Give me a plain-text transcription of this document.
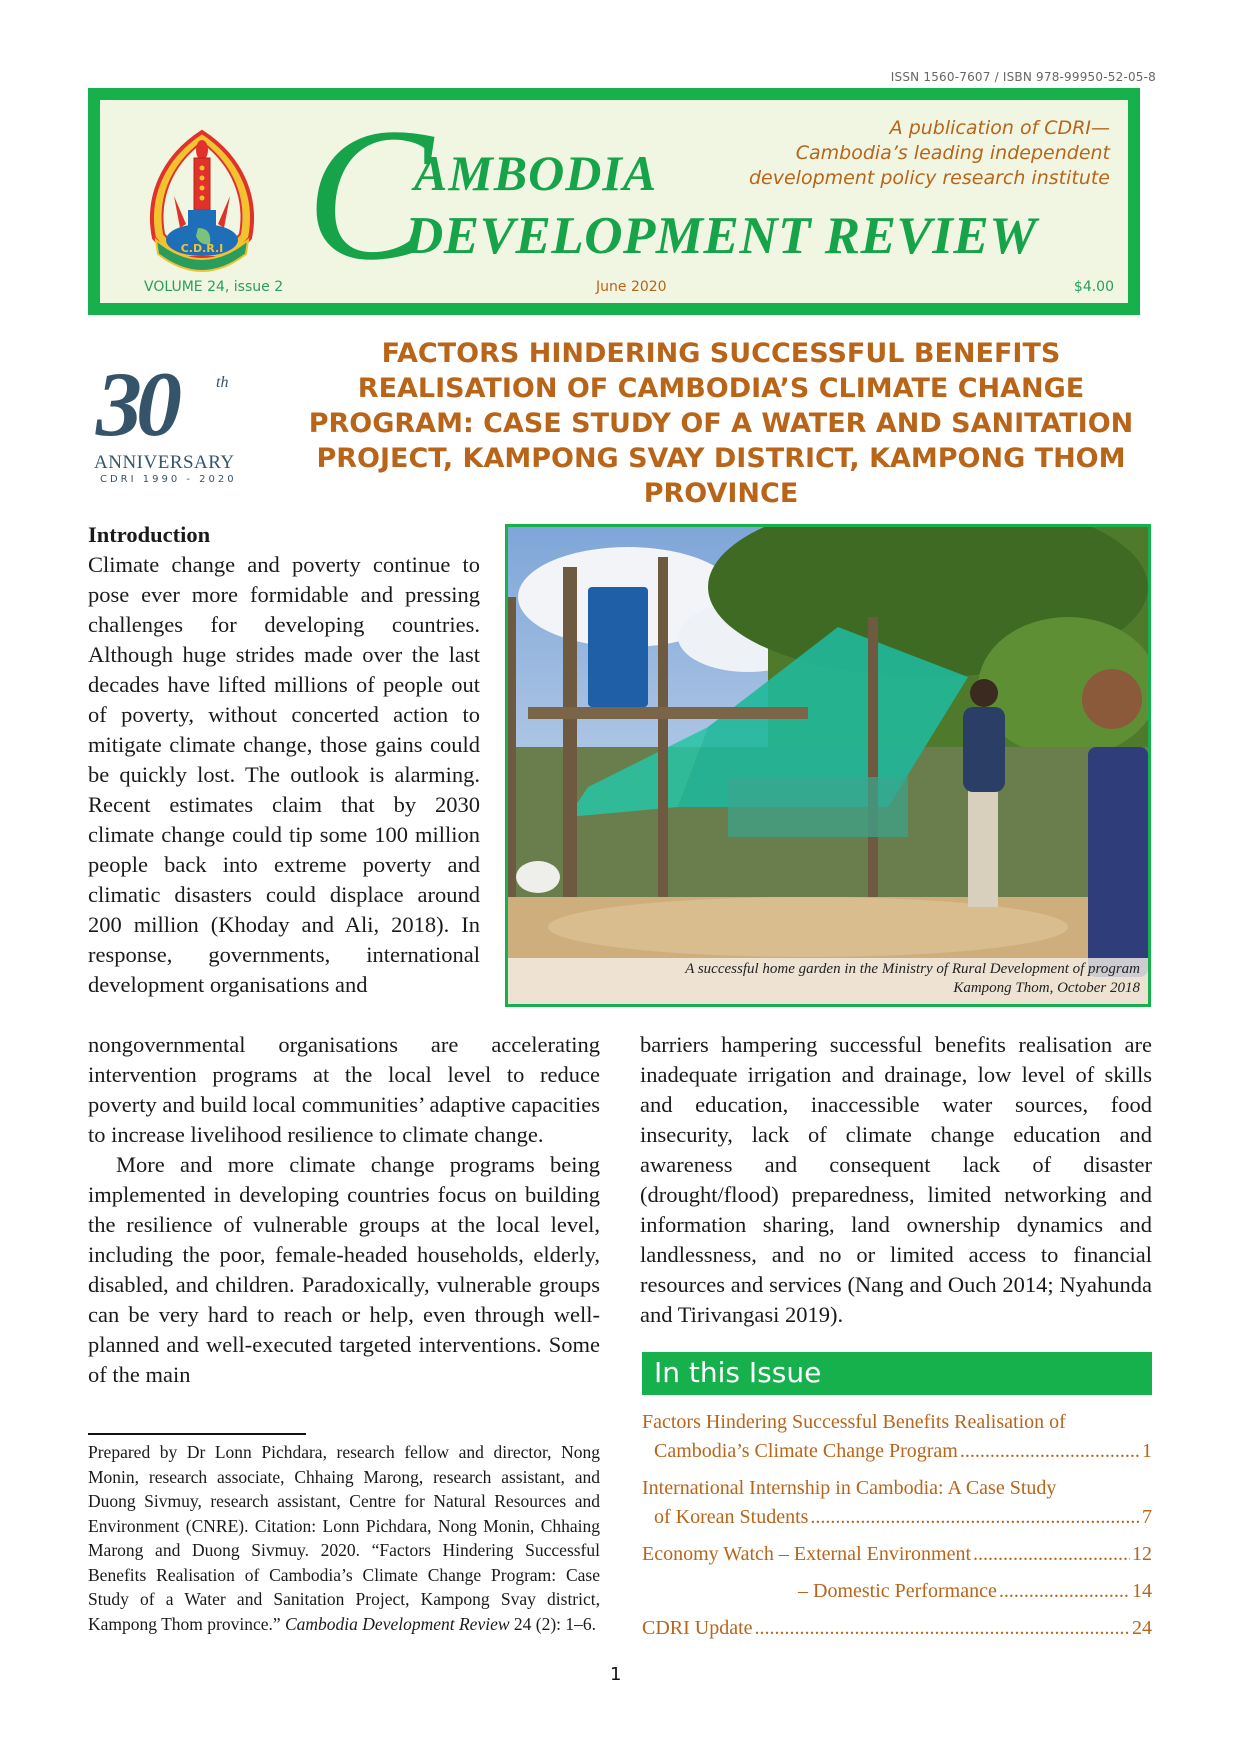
ISSN 1560-7607 / ISBN 978-99950-52-05-8
C.D.R.I C
AMBODIA
DEVELOPMENT REVIEW
A publication of CDRI—
Cambodia’s leading independent
development policy research institute
VOLUME 24, issue 2	June 2020	$4.00
30	th
ANNIVERSARY
CDRI 1990 - 2020
FACTORS HINDERING SUCCESSFUL BENEFITS REALISATION OF CAMBODIA’S CLIMATE CHANGE PROGRAM: CASE STUDY OF A WATER AND SANITATION PROJECT, KAMPONG SVAY DISTRICT, KAMPONG THOM PROVINCE

Introduction

Climate change and poverty continue to pose ever more formidable and pressing challenges for developing countries. Although huge strides made over the last decades have lifted millions of people out of poverty, without concerted action to mitigate climate change, those gains could be quickly lost. The outlook is alarming. Recent estimates claim that by 2030 climate change could tip some 100 million people back into extreme poverty and climatic disasters could displace around 200 million (Khoday and Ali, 2018). In response, governments, international development organisations and

A successful home garden in the Ministry of Rural Development of program
Kampong Thom, October 2018

nongovernmental organisations are accelerating intervention programs at the local level to reduce poverty and build local communities’ adaptive capacities to increase livelihood resilience to climate change.

More and more climate change programs being implemented in developing countries focus on building the resilience of vulnerable groups at the local level, including the poor, female-headed households, elderly, disabled, and children. Paradoxically, vulnerable groups can be very hard to reach or help, even through well-planned and well-executed targeted interventions. Some of the main

barriers hampering successful benefits realisation are inadequate irrigation and drainage, low level of skills and education, inaccessible water sources, food insecurity, lack of climate change education and awareness and consequent lack of disaster (drought/flood) preparedness, limited networking and information sharing, land ownership dynamics and landlessness, and no or limited access to financial resources and services (Nang and Ouch 2014; Nyahunda and Tirivangasi 2019).

Prepared by Dr Lonn Pichdara, research fellow and director, Nong Monin, research associate, Chhaing Marong, research assistant, and Duong Sivmuy, research assistant, Centre for Natural Resources and Environment (CNRE). Citation: Lonn Pichdara, Nong Monin, Chhaing Marong and Duong Sivmuy. 2020. “Factors Hindering Successful Benefits Realisation of Cambodia’s Climate Change Program: Case Study of a Water and Sanitation Project, Kampong Svay district, Kampong Thom province.” Cambodia Development Review 24 (2): 1–6.
In this Issue
Factors Hindering Successful Benefits Realisation of
Cambodia’s Climate Change Program .....	1
International Internship in Cambodia: A Case Study
of Korean Students .....	7
Economy Watch – External Environment .....	12
– Domestic Performance .....	14
CDRI Update .....	24
1
